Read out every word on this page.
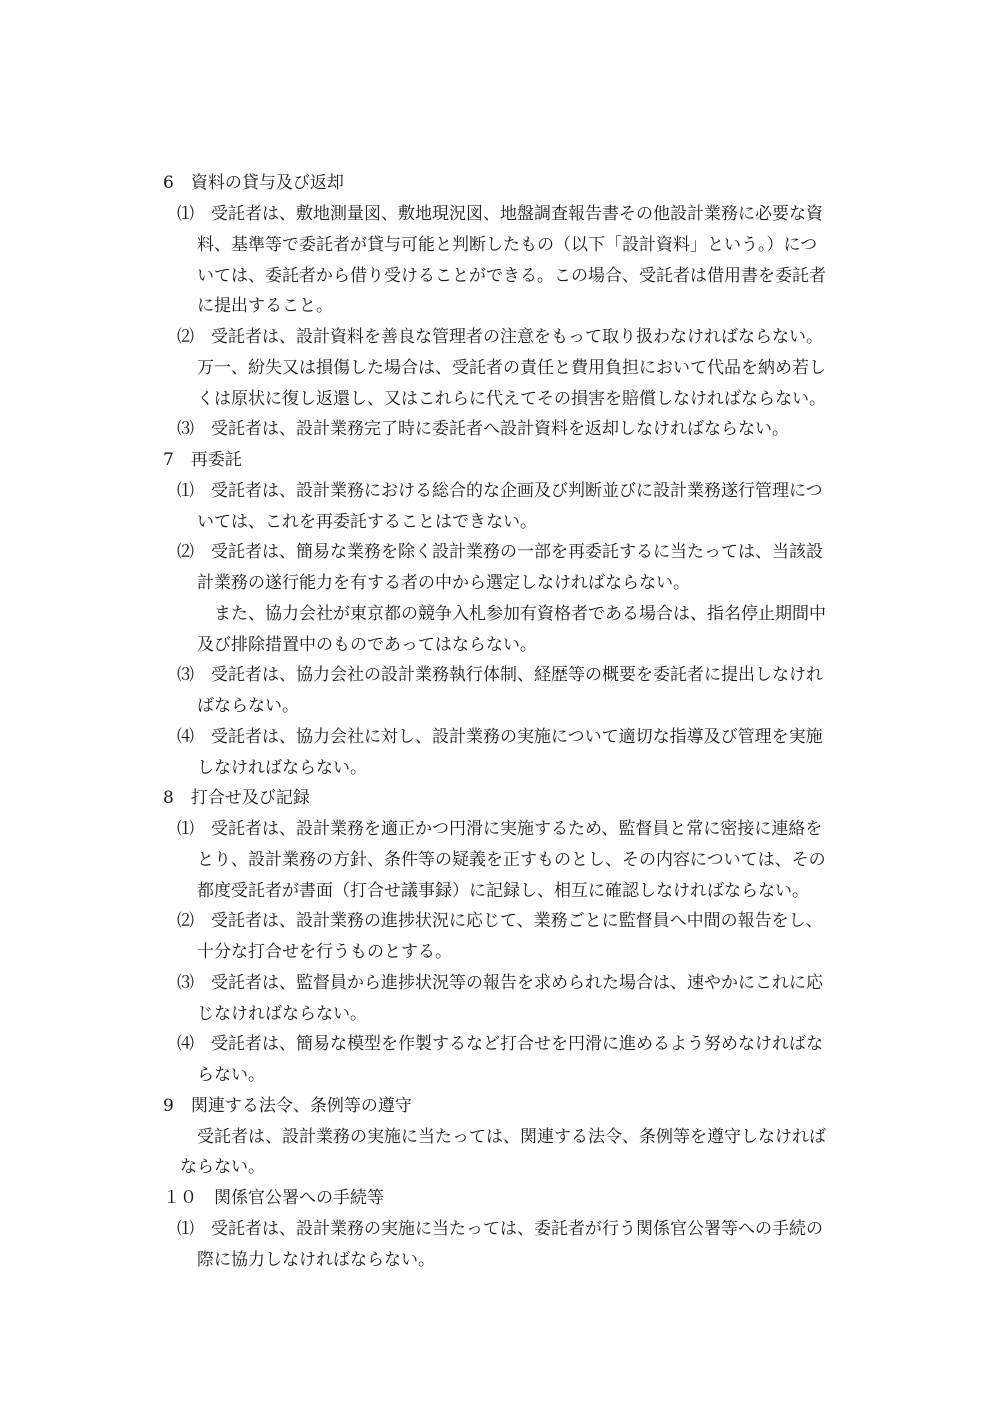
6　資料の貸与及び返却
⑴　受託者は、敷地測量図、敷地現況図、地盤調査報告書その他設計業務に必要な資
料、基準等で委託者が貸与可能と判断したもの（以下「設計資料」という。）につ
いては、委託者から借り受けることができる。この場合、受託者は借用書を委託者
に提出すること。
⑵　受託者は、設計資料を善良な管理者の注意をもって取り扱わなければならない。
万一、紛失又は損傷した場合は、受託者の責任と費用負担において代品を納め若し
くは原状に復し返還し、又はこれらに代えてその損害を賠償しなければならない。
⑶　受託者は、設計業務完了時に委託者へ設計資料を返却しなければならない。
7　再委託
⑴　受託者は、設計業務における総合的な企画及び判断並びに設計業務遂行管理につ
いては、これを再委託することはできない。
⑵　受託者は、簡易な業務を除く設計業務の一部を再委託するに当たっては、当該設
計業務の遂行能力を有する者の中から選定しなければならない。
　また、協力会社が東京都の競争入札参加有資格者である場合は、指名停止期間中
及び排除措置中のものであってはならない。
⑶　受託者は、協力会社の設計業務執行体制、経歴等の概要を委託者に提出しなけれ
ばならない。
⑷　受託者は、協力会社に対し、設計業務の実施について適切な指導及び管理を実施
しなければならない。
8　打合せ及び記録
⑴　受託者は、設計業務を適正かつ円滑に実施するため、監督員と常に密接に連絡を
とり、設計業務の方針、条件等の疑義を正すものとし、その内容については、その
都度受託者が書面（打合せ議事録）に記録し、相互に確認しなければならない。
⑵　受託者は、設計業務の進捗状況に応じて、業務ごとに監督員へ中間の報告をし、
十分な打合せを行うものとする。
⑶　受託者は、監督員から進捗状況等の報告を求められた場合は、速やかにこれに応
じなければならない。
⑷　受託者は、簡易な模型を作製するなど打合せを円滑に進めるよう努めなければな
らない。
9　関連する法令、条例等の遵守
受託者は、設計業務の実施に当たっては、関連する法令、条例等を遵守しなければ
ならない。
１０　関係官公署への手続等
⑴　受託者は、設計業務の実施に当たっては、委託者が行う関係官公署等への手続の
際に協力しなければならない。
